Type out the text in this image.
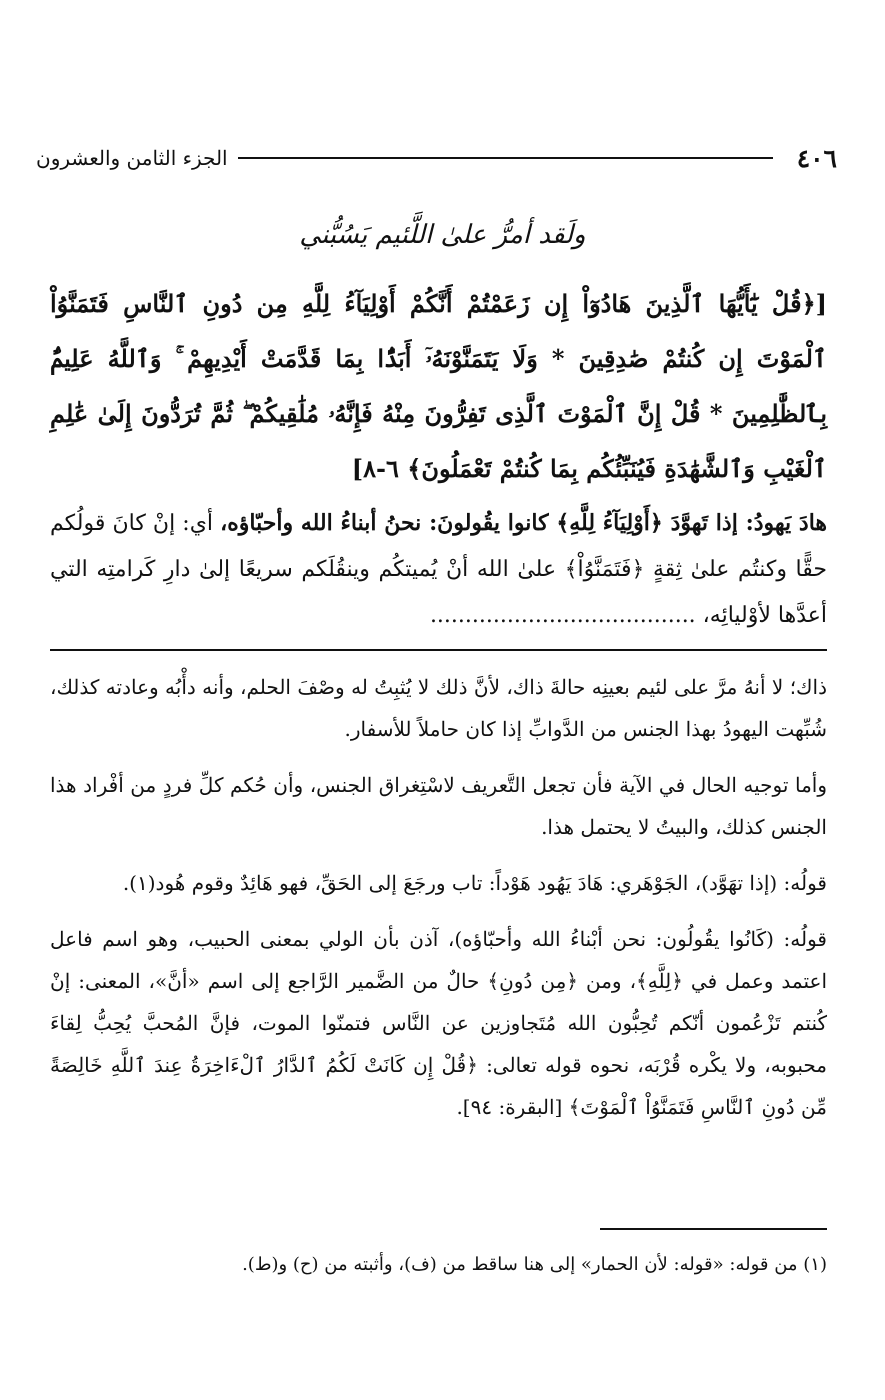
٤٠٦
الجزء الثامن والعشرون
ولَقد أمرُّ علىٰ اللَّئيم يَسُبُّني
[﴿قُلْ يَٰٓأَيُّهَا ٱلَّذِينَ هَادُوٓاْ إِن زَعَمْتُمْ أَنَّكُمْ أَوْلِيَآءُ لِلَّهِ مِن دُونِ ٱلنَّاسِ فَتَمَنَّوُاْ ٱلْمَوْتَ إِن كُنتُمْ صَٰدِقِينَ * وَلَا يَتَمَنَّوْنَهُۥٓ أَبَدًۢا بِمَا قَدَّمَتْ أَيْدِيهِمْ ۚ وَٱللَّهُ عَلِيمٌۢ بِٱلظَّٰلِمِينَ * قُلْ إِنَّ ٱلْمَوْتَ ٱلَّذِى تَفِرُّونَ مِنْهُ فَإِنَّهُۥ مُلَٰقِيكُمْ ۖ ثُمَّ تُرَدُّونَ إِلَىٰ عَٰلِمِ ٱلْغَيْبِ وَٱلشَّهَٰدَةِ فَيُنَبِّئُكُم بِمَا كُنتُمْ تَعْمَلُونَ﴾ ٦-٨]
هادَ يَهودُ: إذا تَهوَّدَ ﴿أَوْلِيَآءُ لِلَّهِ﴾ كانوا يقُولونَ: نحنُ أبناءُ الله وأحبّاؤه، أي: إنْ كانَ قولُكم حقًّا وكنتُم علىٰ ثِقةٍ ﴿فَتَمَنَّوُاْ﴾ علىٰ الله أنْ يُميتكُم وينقُلَكم سريعًا إلىٰ دارِ كَرامتِه التي أعدَّها لأوْليائِه، ......................................

ذاك؛ لا أنهُ مرَّ على لئيم بعينِه حالةَ ذاك، لأنَّ ذلك لا يُثبِتُ له وصْفَ الحلم، وأنه دأْبُه وعادته كذلك، شُبِّهت اليهودُ بهذا الجنس من الدَّوابِّ إذا كان حاملاً للأسفار.

وأما توجيه الحال في الآية فأن تجعل التَّعريف لاسْتِغراق الجنس، وأن حُكم كلِّ فردٍ من أفْراد هذا الجنس كذلك، والبيتُ لا يحتمل هذا.

قولُه: (إذا تهَوَّد)، الجَوْهَري: هَادَ يَهُود هَوْداً: تاب ورجَعَ إلى الحَقِّ، فهو هَائِدٌ وقوم هُود(١).

قولُه: (كَانُوا يقُولُون: نحن أبْناءُ الله وأحبّاؤه)، آذن بأن الولي بمعنى الحبيب، وهو اسم فاعل اعتمد وعمل في ﴿لِلَّهِ﴾، ومن ﴿مِن دُونِ﴾ حالٌ من الضَّمير الرَّاجع إلى اسم «أنَّ»، المعنى: إنْ كُنتم تَزْعُمون أنّكم تُحِبُّون الله مُتَجاوزين عن النَّاس فتمنّوا الموت، فإنَّ المُحبَّ يُحِبُّ لِقاءَ محبوبه، ولا يكْره قُرْبَه، نحوه قوله تعالى: ﴿قُلْ إِن كَانَتْ لَكُمُ ٱلدَّارُ ٱلْءَاخِرَةُ عِندَ ٱللَّهِ خَالِصَةً مِّن دُونِ ٱلنَّاسِ فَتَمَنَّوُاْ ٱلْمَوْتَ﴾ [البقرة: ٩٤].

(١) من قوله: «قوله: لأن الحمار» إلى هنا ساقط من (ف)، وأثبته من (ح) و(ط).
